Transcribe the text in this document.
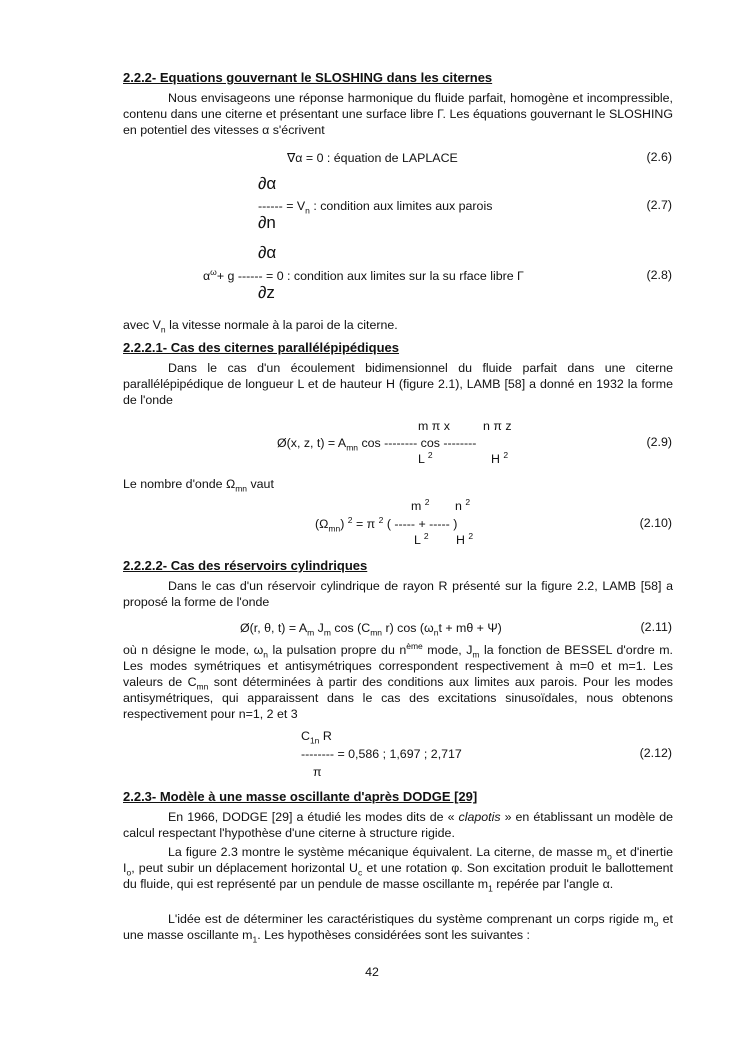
2.2.2- Equations gouvernant le SLOSHING dans les citernes
Nous envisageons une réponse harmonique du fluide parfait, homogène et incompressible, contenu dans une citerne et présentant une surface libre Γ. Les équations gouvernant le SLOSHING en potentiel des vitesses α s'écrivent
∇α = 0 : équation de LAPLACE	(2.6)
∂α
------ = $V_n$ : condition aux limites aux parois
∂n
(2.7)
∂α
$\alpha^\omega+ g$ ------ = 0 : condition aux limites sur la su rface libre Γ
∂z
(2.8)
avec $V_n$ la vitesse normale à la paroi de la citerne.
2.2.2.1- Cas des citernes parallélépipédiques
Dans le cas d'un écoulement bidimensionnel du fluide parfait dans une citerne parallélépipédique de longueur L et de hauteur H (figure 2.1), LAMB [58] a donné en 1932 la forme de l'onde
m π x	n π z
Ø(x, z, $t) = A_{mn}$ cos -------- cos --------
L $^2$	H $^2$
(2.9)
Le nombre d'onde $\Omega_{mn}$ vaut
m $^2$ n $^2$
$(\Omega_{mn}) ^2 = \pi$ $^2$ ( ----- + ----- )
L $^2$ H $^2$
(2.10)
2.2.2.2- Cas des réservoirs cylindriques
Dans le cas d'un réservoir cylindrique de rayon R présenté sur la figure 2.2, LAMB [58] a proposé la forme de l'onde
Ø(r, θ, $t) = A_m$ $J_m$ $\cos (C_{mn}$ r) $\cos (\omega_nt + m\theta + \Psi)$	(2.11)
où n désigne le mode, $\omega_n$ la pulsation propre du $n^{ème}$ mode, $J_m$ la fonction de BESSEL d'ordre m. Les modes symétriques et antisymétriques correspondent respectivement à m=0 et m=1. Les valeurs de $C_{mn}$ sont déterminées à partir des conditions aux limites aux parois. Pour les modes antisymétriques, qui apparaissent dans le cas des excitations sinusoïdales, nous obtenons respectivement pour n=1, 2 et 3
$C_{1n}$ R
-------- = 0,586 ; 1,697 ; 2,717
π
(2.12)
2.2.3- Modèle à une masse oscillante d'après DODGE [29]
En 1966, DODGE [29] a étudié les modes dits de « clapotis » en établissant un modèle de calcul respectant l'hypothèse d'une citerne à structure rigide.
La figure 2.3 montre le système mécanique équivalent. La citerne, de masse $m_o$ et d'inertie $I_o$, peut subir un déplacement horizontal $U_c$ et une rotation φ. Son excitation produit le ballottement du fluide, qui est représenté par un pendule de masse oscillante $m_1$ repérée par l'angle α.
L'idée est de déterminer les caractéristiques du système comprenant un corps rigide $m_o$ et une masse oscillante $m_1$. Les hypothèses considérées sont les suivantes :
42
